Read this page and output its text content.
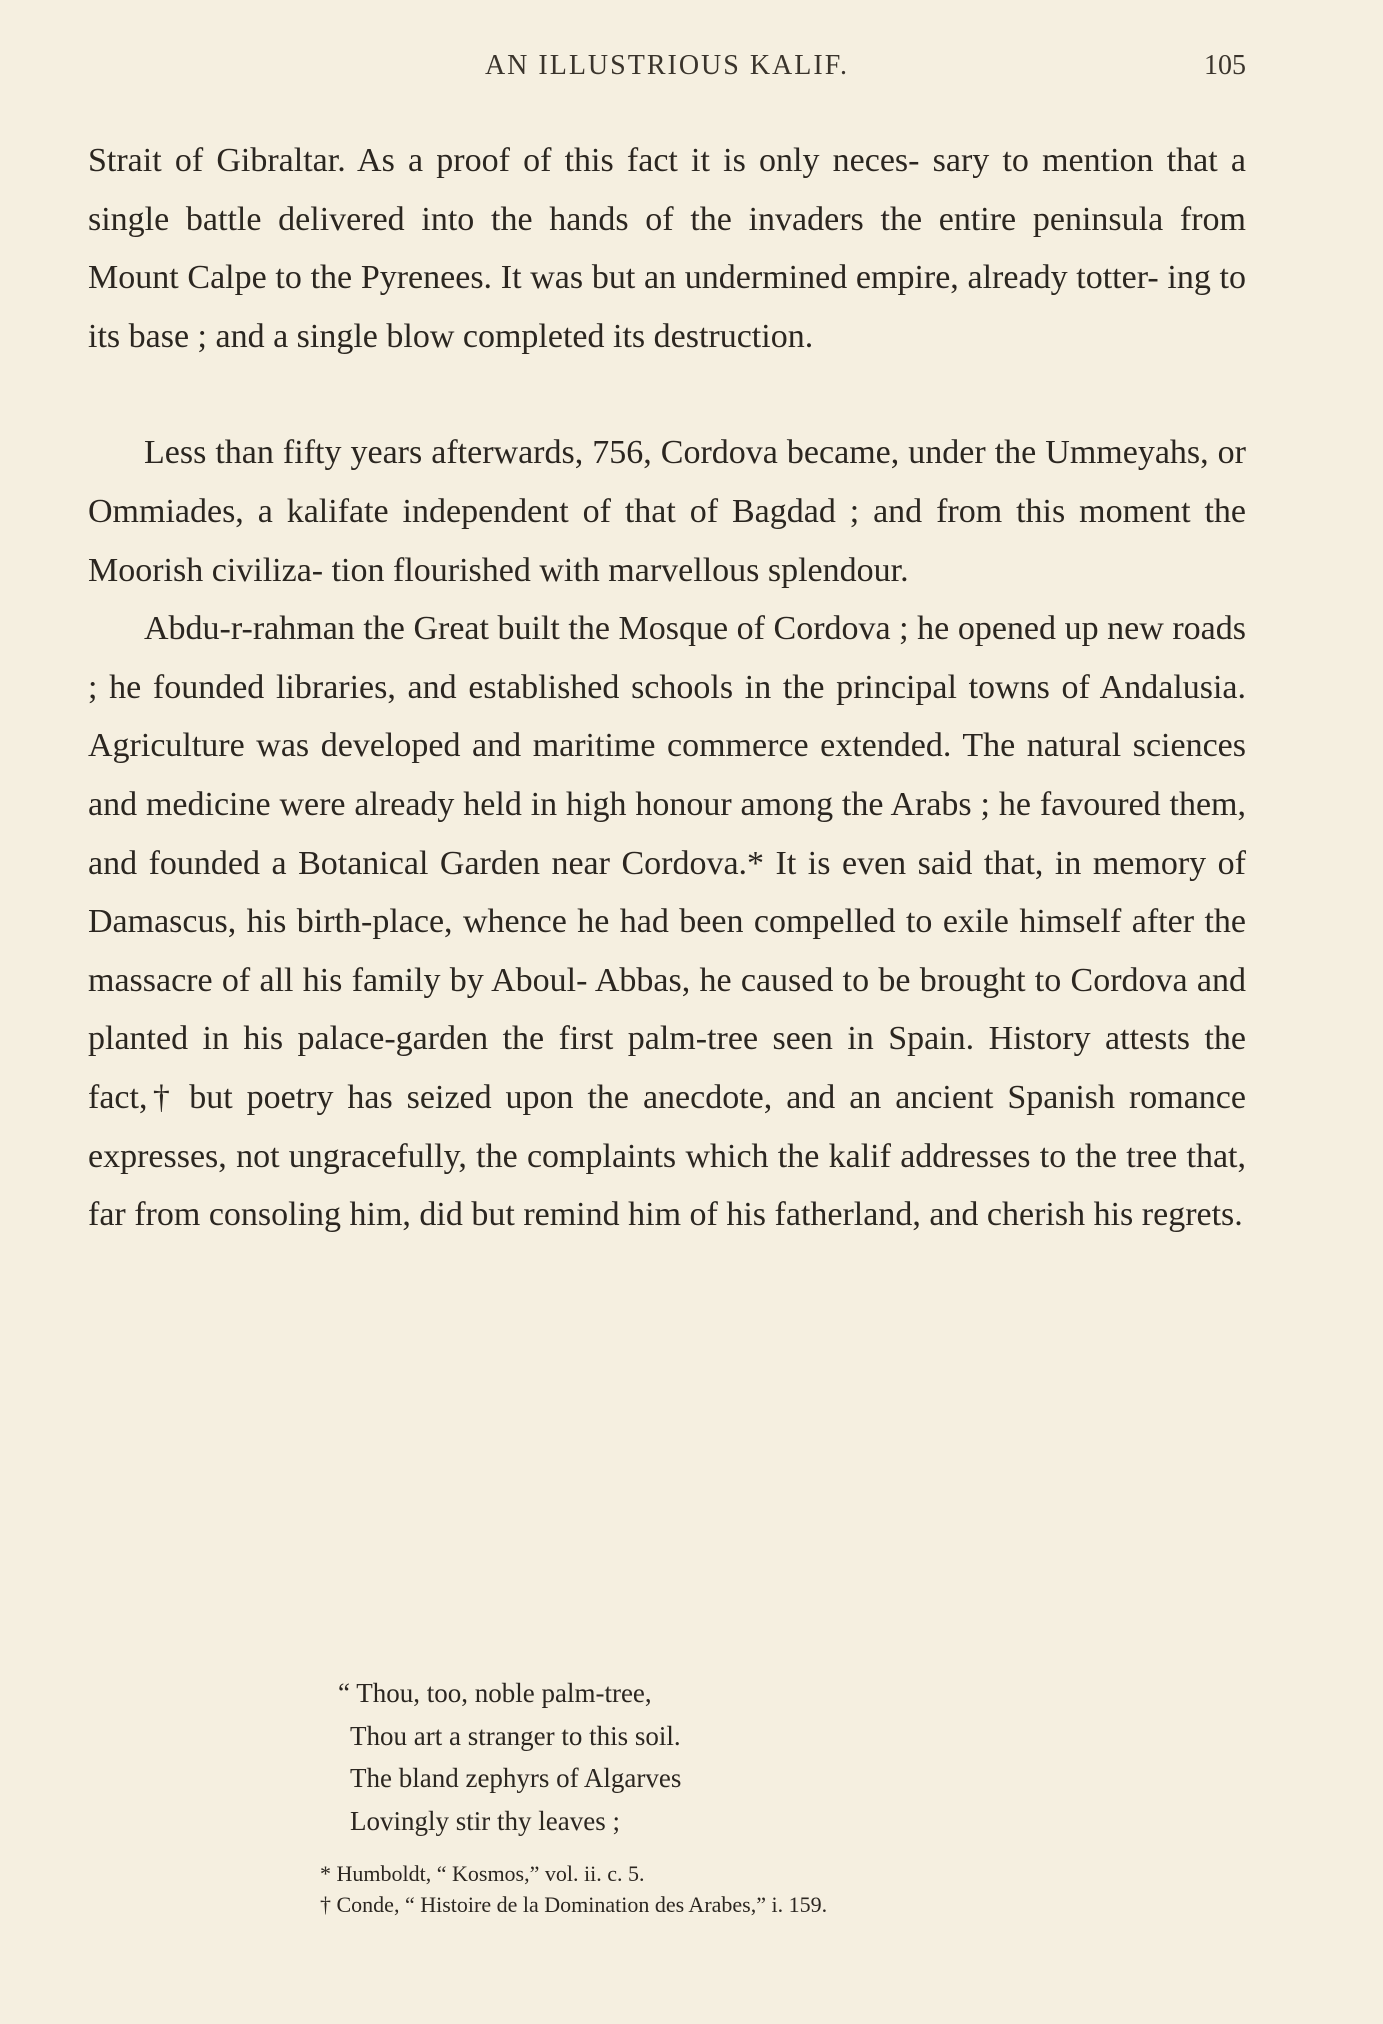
AN ILLUSTRIOUS KALIF.	105

Strait of Gibraltar. As a proof of this fact it is only neces- sary to mention that a single battle delivered into the hands of the invaders the entire peninsula from Mount Calpe to the Pyrenees. It was but an undermined empire, already totter- ing to its base ; and a single blow completed its destruction.

Less than fifty years afterwards, 756, Cordova became, under the Ummeyahs, or Ommiades, a kalifate independent of that of Bagdad ; and from this moment the Moorish civiliza- tion flourished with marvellous splendour.

Abdu-r-rahman the Great built the Mosque of Cordova ; he opened up new roads ; he founded libraries, and established schools in the principal towns of Andalusia. Agriculture was developed and maritime commerce extended. The natural sciences and medicine were already held in high honour among the Arabs ; he favoured them, and founded a Botanical Garden near Cordova.* It is even said that, in memory of Damascus, his birth-place, whence he had been compelled to exile himself after the massacre of all his family by Aboul- Abbas, he caused to be brought to Cordova and planted in his palace-garden the first palm-tree seen in Spain. History attests the fact,† but poetry has seized upon the anecdote, and an ancient Spanish romance expresses, not ungracefully, the complaints which the kalif addresses to the tree that, far from consoling him, did but remind him of his fatherland, and cherish his regrets.

“ Thou, too, noble palm-tree,
Thou art a stranger to this soil.
The bland zephyrs of Algarves
Lovingly stir thy leaves ;
* Humboldt, “ Kosmos,” vol. ii. c. 5.
† Conde, “ Histoire de la Domination des Arabes,” i. 159.
